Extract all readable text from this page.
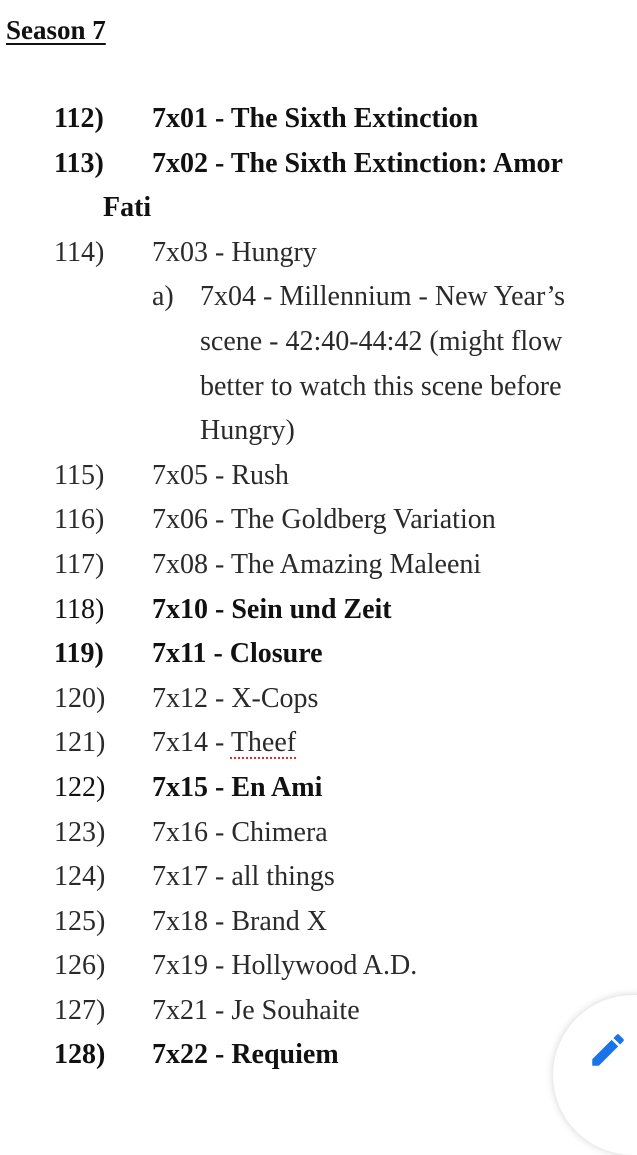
Season 7
112) 7x01 - The Sixth Extinction
113) 7x02 - The Sixth Extinction: Amor
Fati
114) 7x03 - Hungry
a) 7x04 - Millennium - New Year’s
scene - 42:40-44:42 (might flow
better to watch this scene before
Hungry)
115) 7x05 - Rush
116) 7x06 - The Goldberg Variation
117) 7x08 - The Amazing Maleeni
118) 7x10 - Sein und Zeit
119) 7x11 - Closure
120) 7x12 - X-Cops
121) 7x14 - Theef
122) 7x15 - En Ami
123) 7x16 - Chimera
124) 7x17 - all things
125) 7x18 - Brand X
126) 7x19 - Hollywood A.D.
127) 7x21 - Je Souhaite
128) 7x22 - Requiem
